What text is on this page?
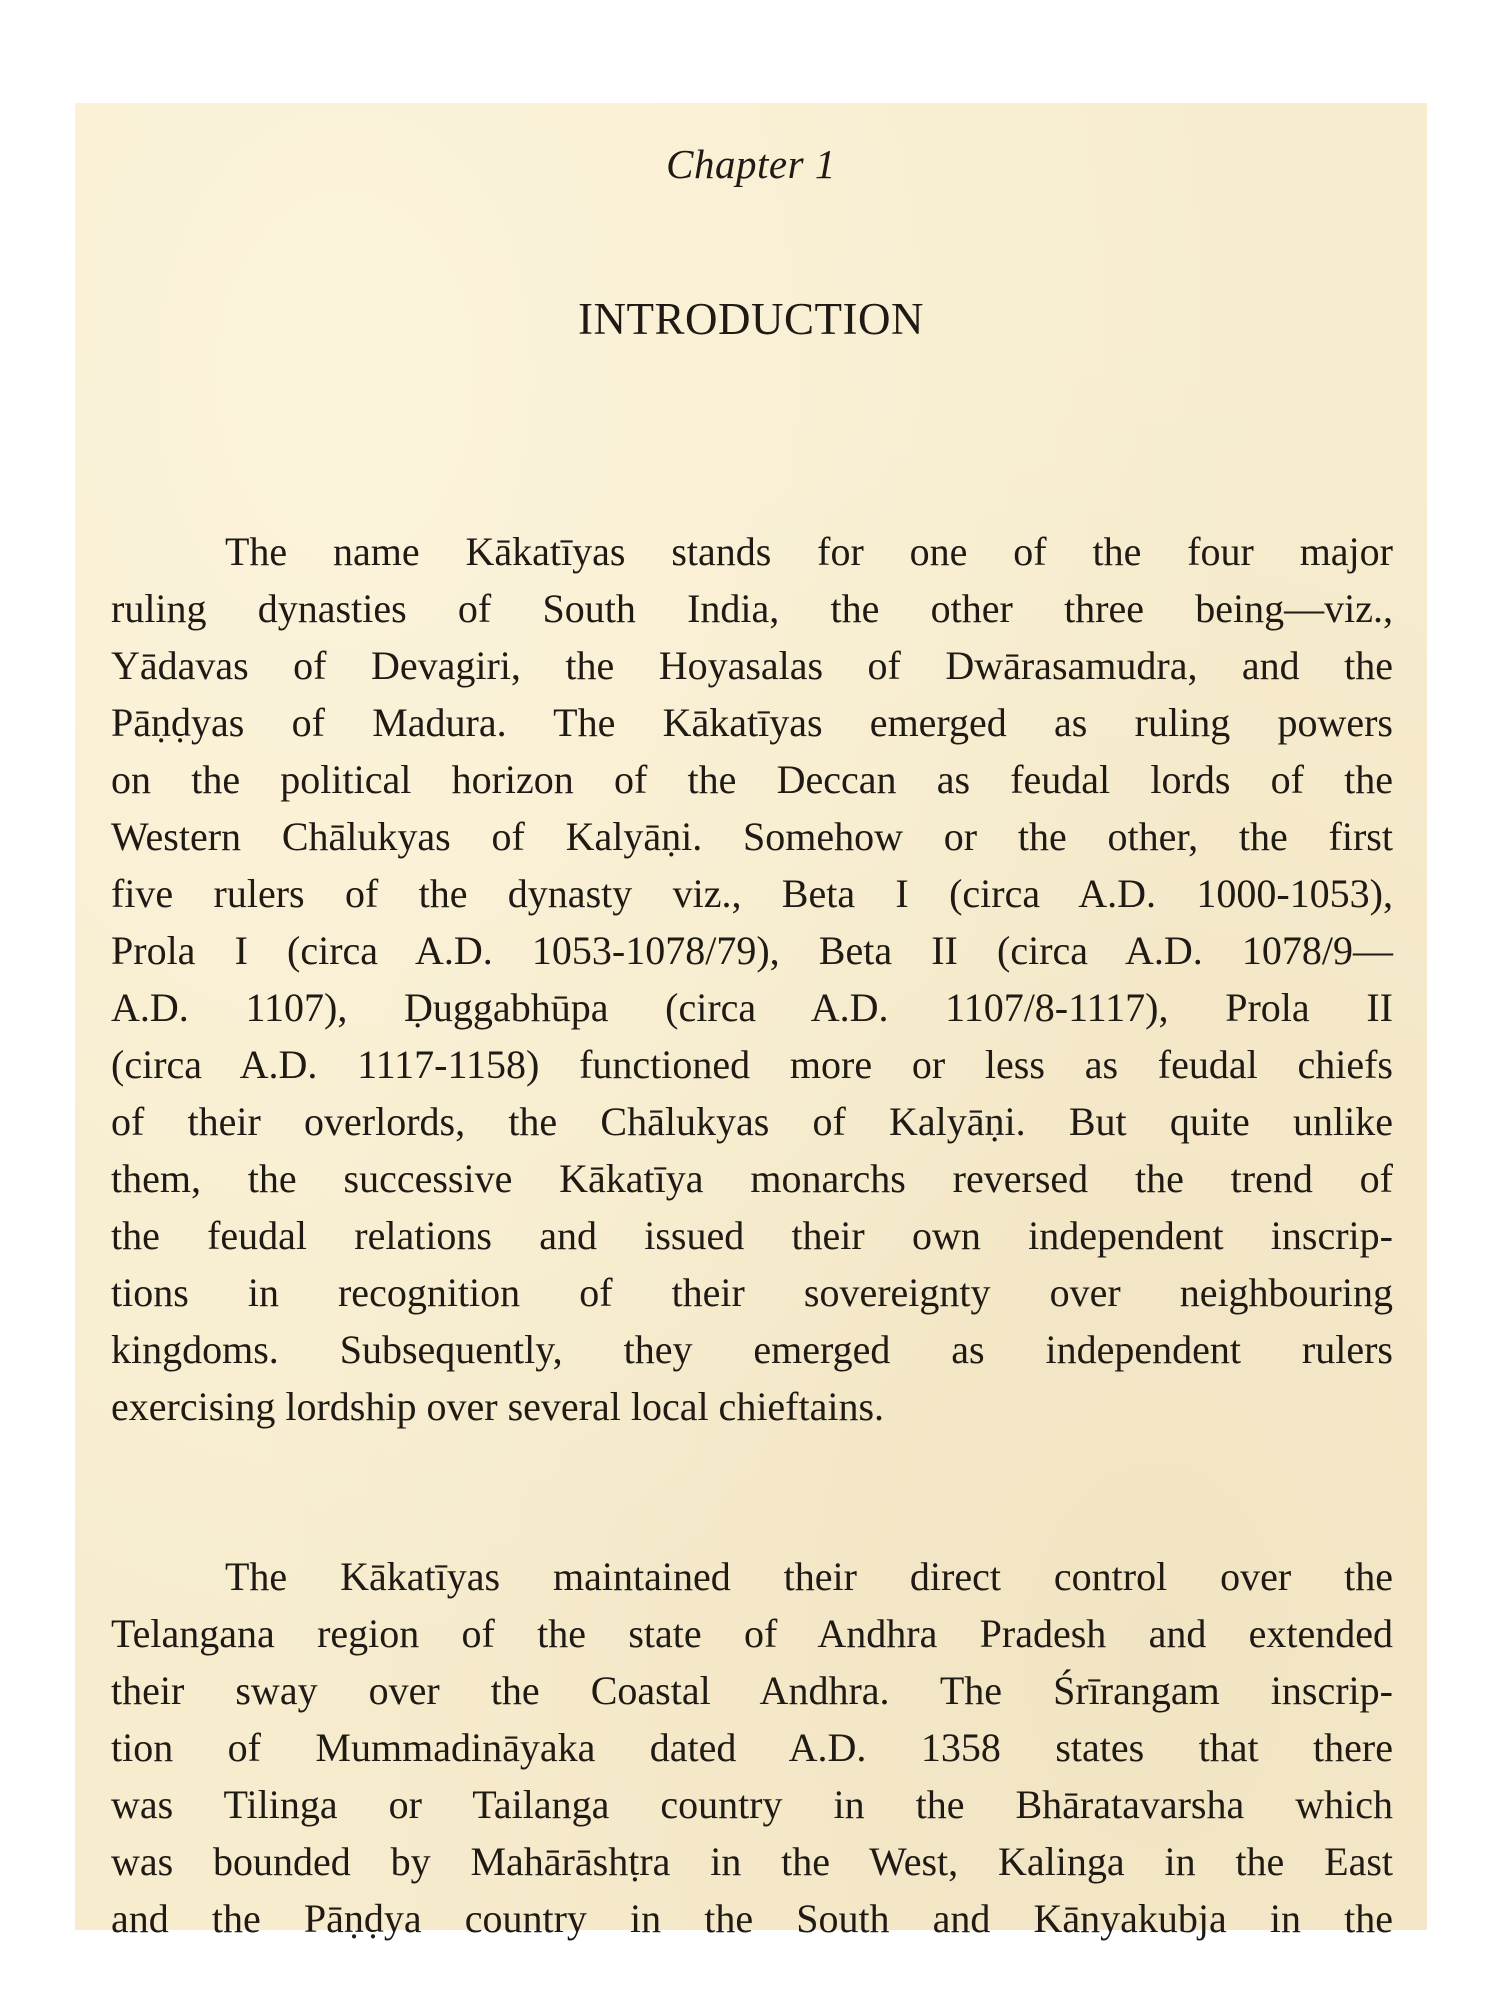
Chapter 1
INTRODUCTION
The name Kākatīyas stands for one of the four major
ruling dynasties of South India, the other three being—viz.,
Yādavas of Devagiri, the Hoyasalas of Dwārasamudra, and the
Pāṇḍyas of Madura. The Kākatīyas emerged as ruling powers
on the political horizon of the Deccan as feudal lords of the
Western Chālukyas of Kalyāṇi. Somehow or the other, the first
five rulers of the dynasty viz., Beta I (circa A.D. 1000-1053),
Prola I (circa A.D. 1053-1078/79), Beta II (circa A.D. 1078/9—
A.D. 1107), Ḍuggabhūpa (circa A.D. 1107/8-1117), Prola II
(circa A.D. 1117-1158) functioned more or less as feudal chiefs
of their overlords, the Chālukyas of Kalyāṇi. But quite unlike
them, the successive Kākatīya monarchs reversed the trend of
the feudal relations and issued their own independent inscrip-
tions in recognition of their sovereignty over neighbouring
kingdoms. Subsequently, they emerged as independent rulers
exercising lordship over several local chieftains.
The Kākatīyas maintained their direct control over the
Telangana region of the state of Andhra Pradesh and extended
their sway over the Coastal Andhra. The Śrīrangam inscrip-
tion of Mummadināyaka dated A.D. 1358 states that there
was Tilinga or Tailanga country in the Bhāratavarsha which
was bounded by Mahārāshṭra in the West, Kalinga in the East
and the Pāṇḍya country in the South and Kānyakubja in the
